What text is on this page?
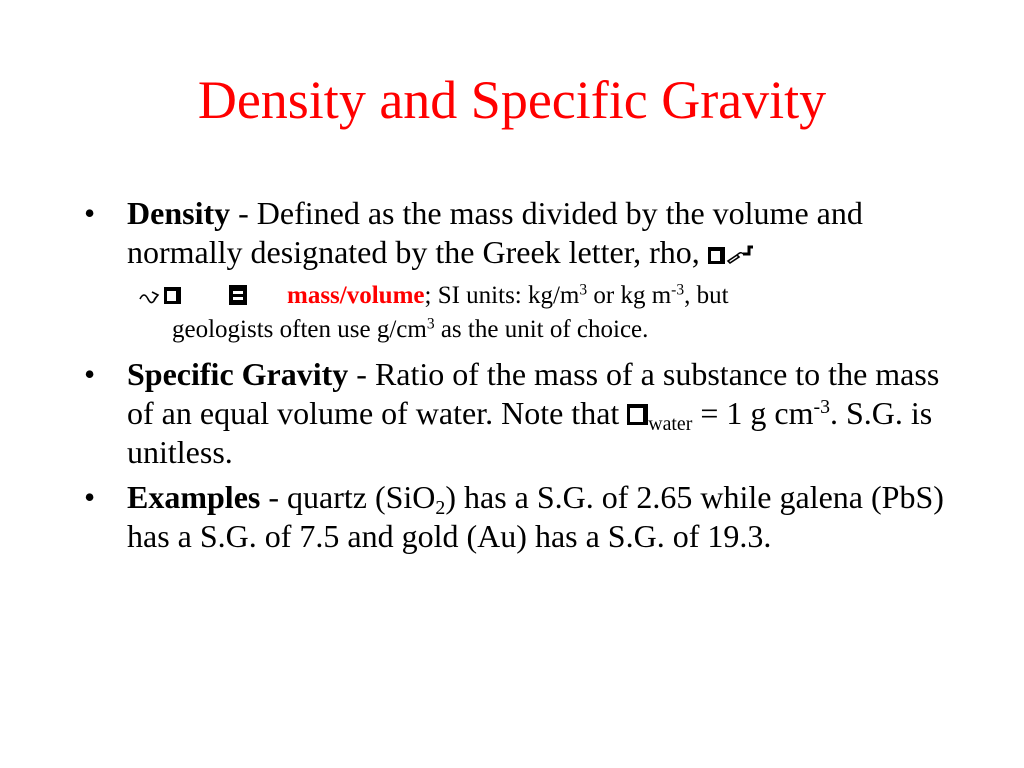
Density and Specific Gravity
• Density - Defined as the mass divided by the volume and normally designated by the Greek letter, rho,
mass/volume; SI units: $kg/m^3$ or kg $m^{-3}$, but
geologists often use $g/cm^3$ as the unit of choice.
• Specific Gravity - Ratio of the mass of a substance to the mass of an equal volume of water. Note that $_{water}$ = 1 g $cm^{-3}$. S.G. is unitless.
• Examples - quartz (SiO$_2$) has a S.G. of 2.65 while galena (PbS) has a S.G. of 7.5 and gold (Au) has a S.G. of 19.3.
